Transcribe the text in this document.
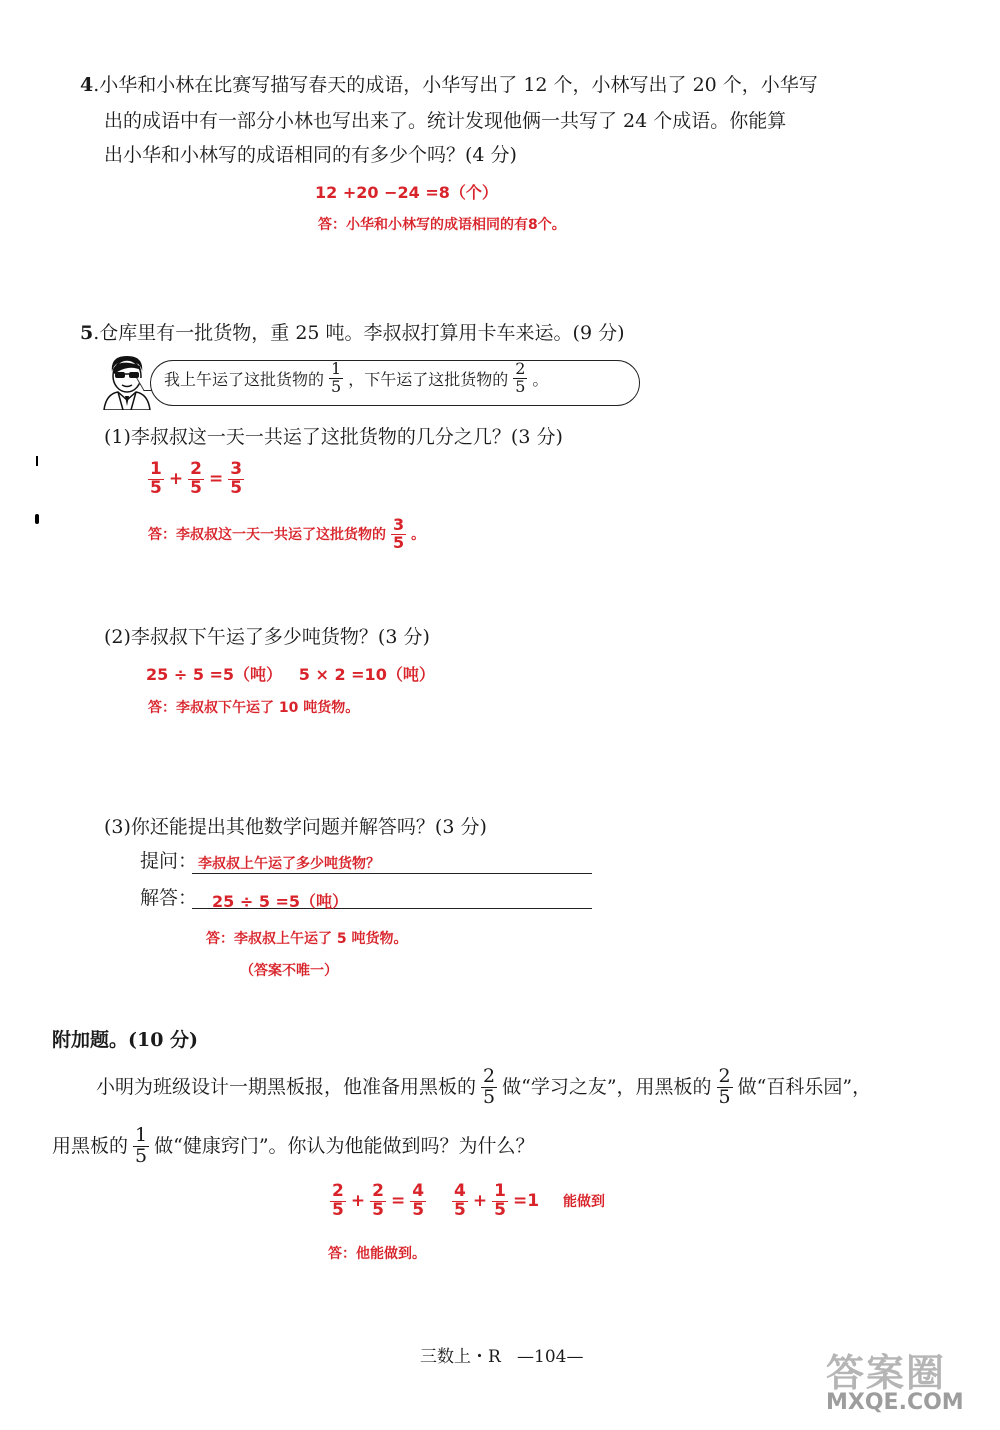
4.小华和小林在比赛写描写春天的成语，小华写出了 12 个，小林写出了 20 个，小华写
出的成语中有一部分小林也写出来了。统计发现他俩一共写了 24 个成语。你能算
出小华和小林写的成语相同的有多少个吗？(4 分)
12 +20 −24 =8（个）
答：小华和小林写的成语相同的有8个。
5.仓库里有一批货物，重 25 吨。李叔叔打算用卡车来运。(9 分)
我上午运了这批货物的 $\frac{1}{5}$ ，下午运了这批货物的 $\frac{2}{5}$ 。
(1)李叔叔这一天一共运了这批货物的几分之几？(3 分)
$\frac{1}{5} + \frac{2}{5} = \frac{3}{5}$
答：李叔叔这一天一共运了这批货物的 $\frac{3}{5}$ 。
(2)李叔叔下午运了多少吨货物？(3 分)
25 ÷ 5 =5（吨）   5 × 2 =10（吨）
答：李叔叔下午运了 10 吨货物。
(3)你还能提出其他数学问题并解答吗？(3 分)
提问： 李叔叔上午运了多少吨货物？
解答： 25 ÷ 5 =5（吨）
答：李叔叔上午运了 5 吨货物。
（答案不唯一）
附加题。(10 分)
小明为班级设计一期黑板报，他准备用黑板的 $\frac{2}{5}$ 做“学习之友”，用黑板的 $\frac{2}{5}$ 做“百科乐园”，
用黑板的 $\frac{1}{5}$ 做“健康窍门”。你认为他能做到吗？为什么？
$\frac{2}{5} + \frac{2}{5} = \frac{4}{5} \frac{4}{5} + \frac{1}{5} =1$ 能做到
答：他能做到。
三数上・R   —104—	答案圈
MXQE.COM
